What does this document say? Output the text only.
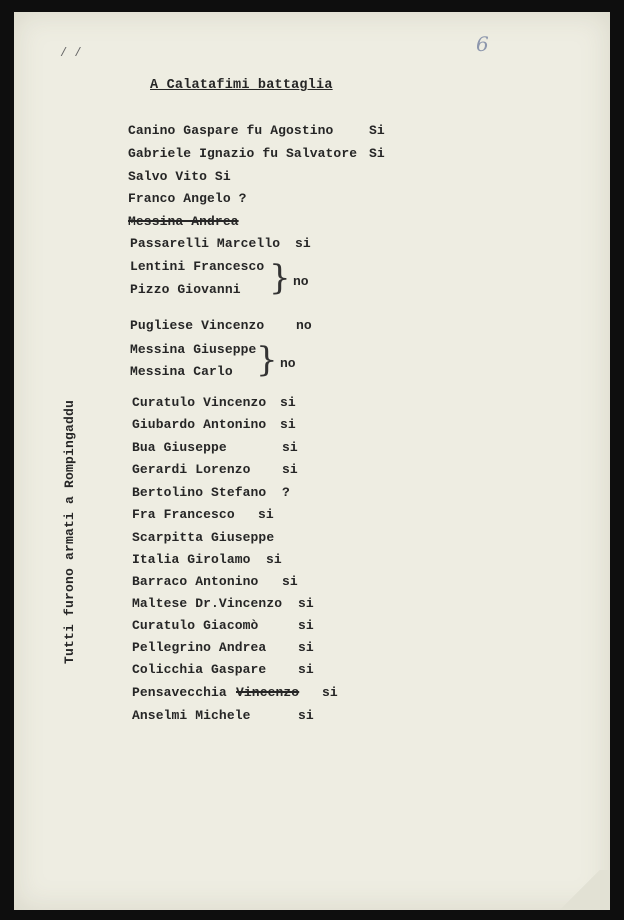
6
/ /
A Calatafimi battaglia
Canino Gaspare fu Agostino	Si
Gabriele Ignazio fu Salvatore Si
Salvo Vito Si
Franco Angelo ?
Messina Andrea
Passarelli Marcello si
Lentini Francesco
Pizzo Giovanni } no
Pugliese Vincenzo no
Messina Giuseppe
Messina Carlo } no
Curatulo Vincenzo si
Giubardo Antonino si
Bua Giuseppe	si
Gerardi Lorenzo si
Bertolino Stefano ?
Fra Francesco si
Scarpitta Giuseppe
Italia Girolamo si
Barraco Antonino si
Maltese Dr.Vincenzo si
Curatulo Giacomò	si
Pellegrino Andrea si
Colicchia Gaspare si
Pensavecchia Vincenzo si
Anselmi Michele	si
Tutti furono armati a Rompingaddu
